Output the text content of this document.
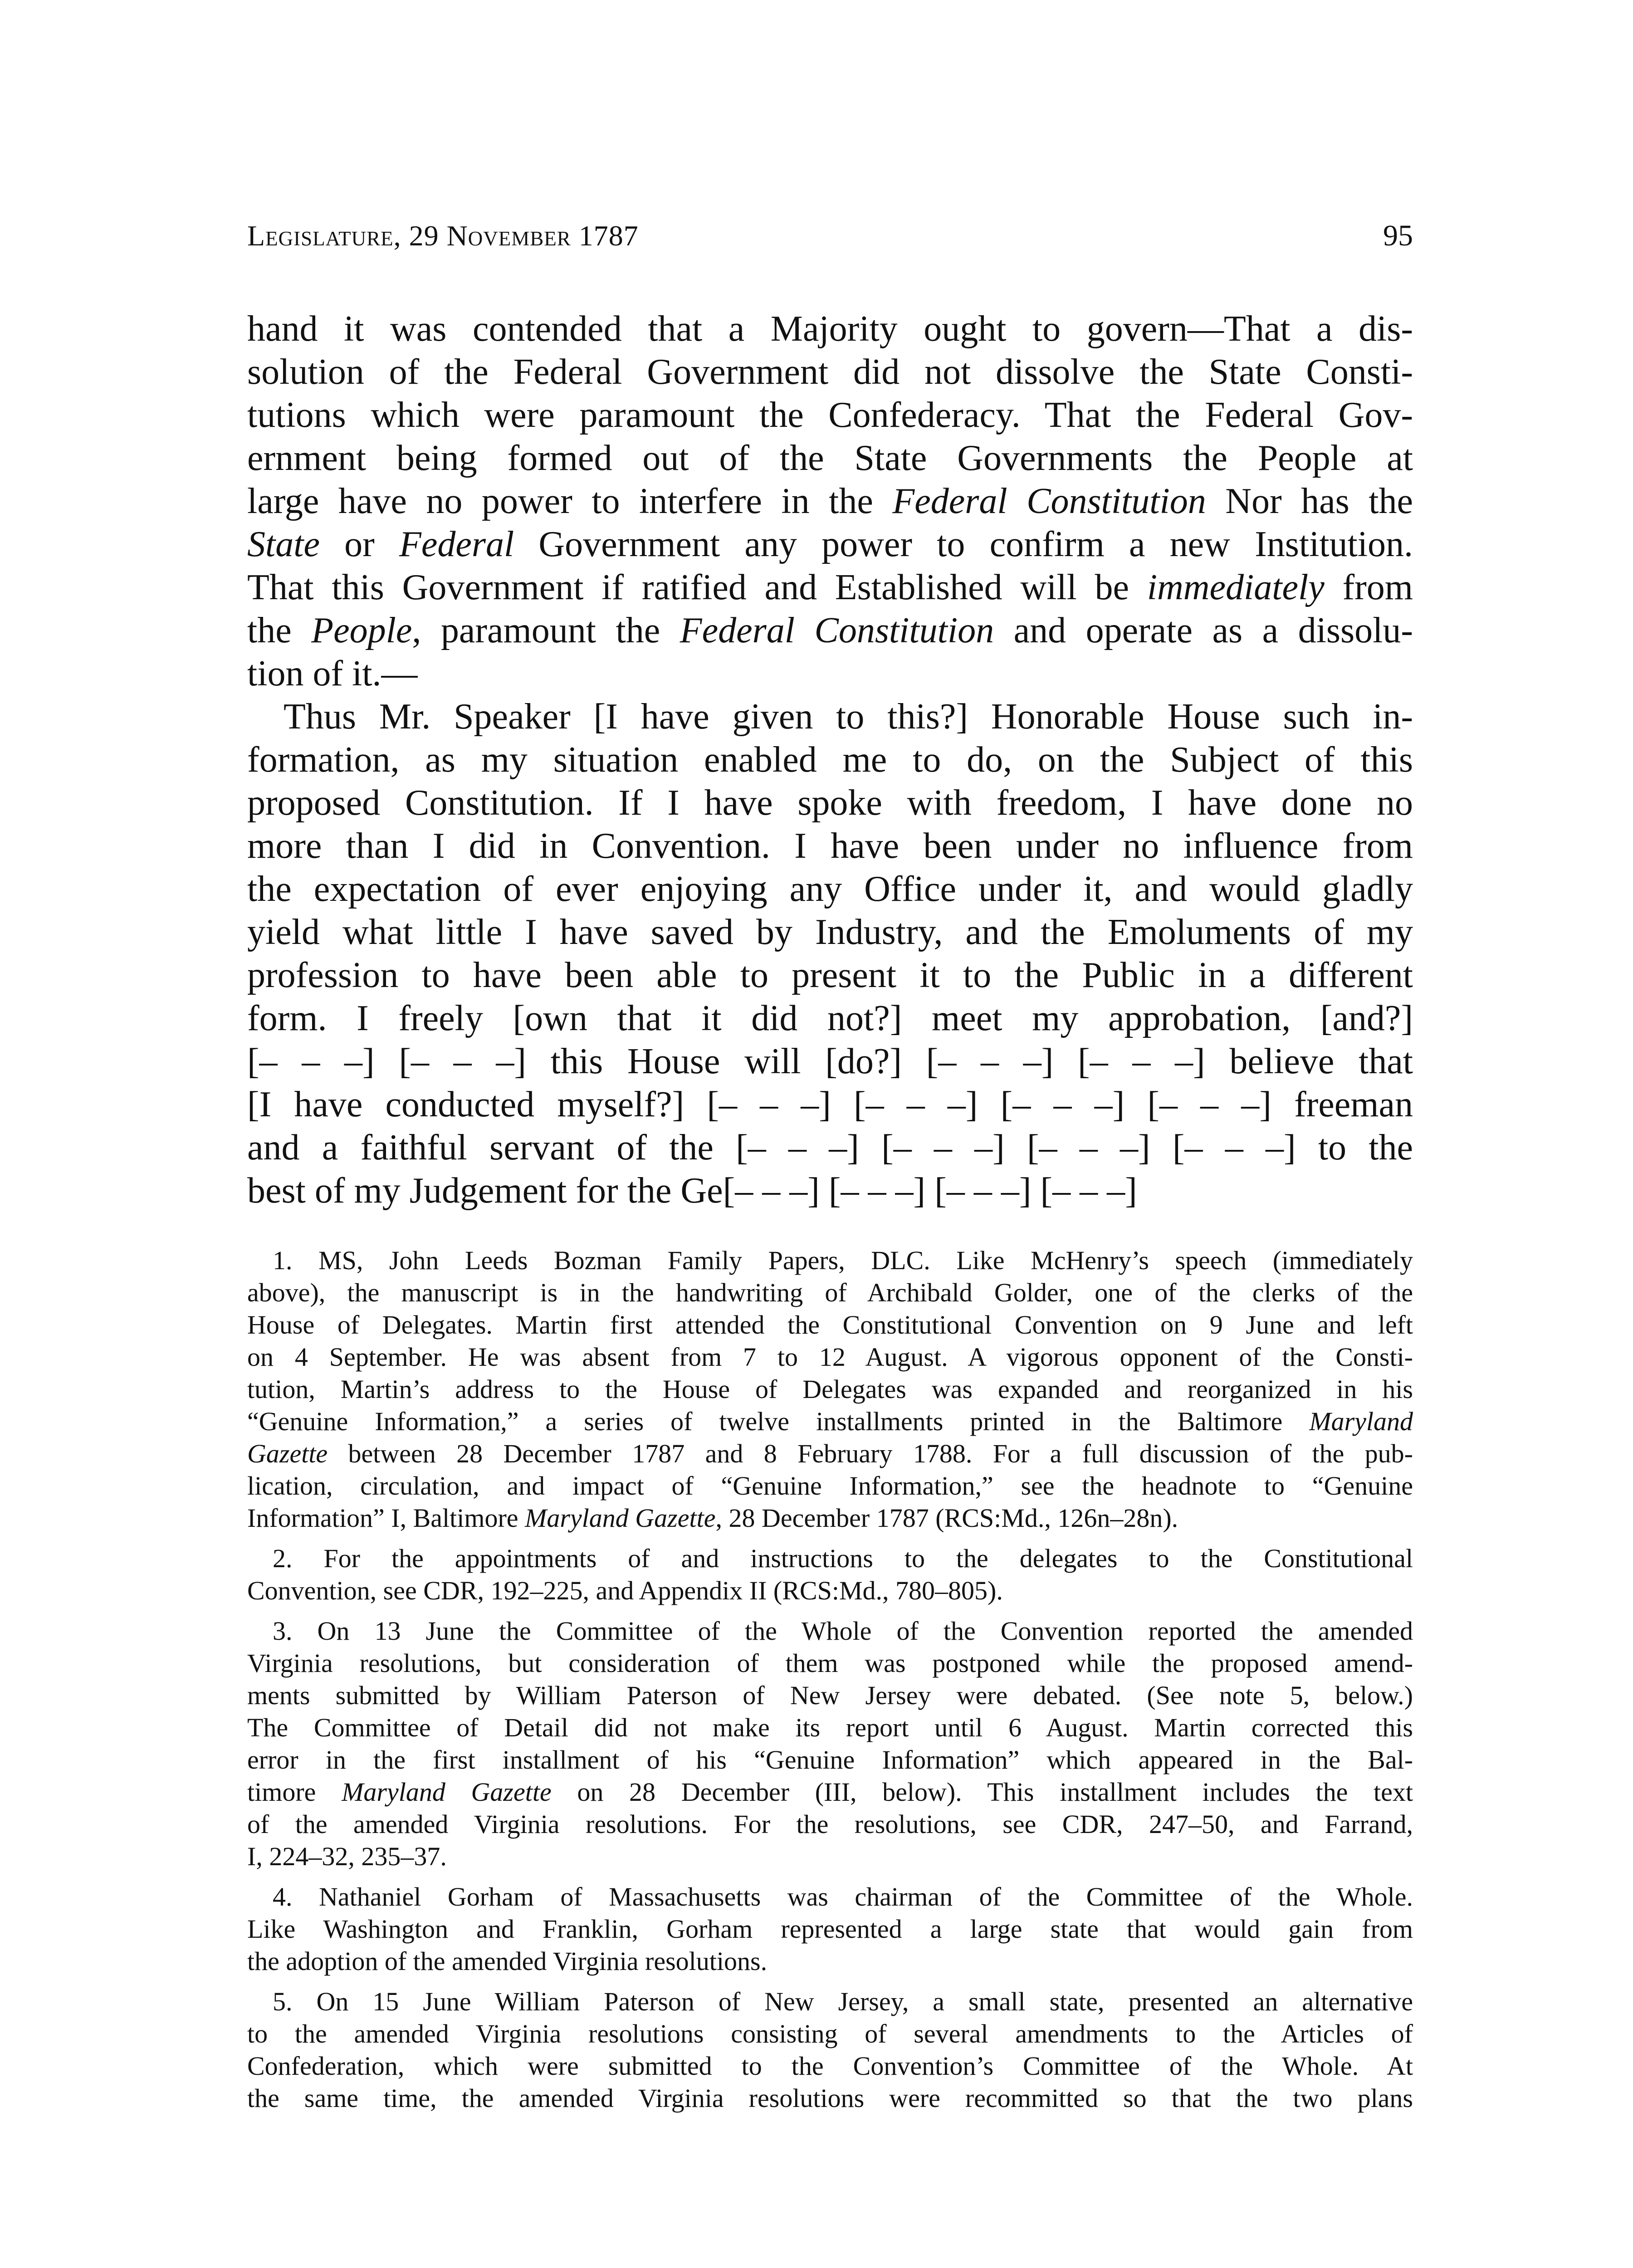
Legislature, 29 November 1787	95
hand it was contended that a Majority ought to govern—That a dis-
solution of the Federal Government did not dissolve the State Consti-
tutions which were paramount the Confederacy. That the Federal Gov-
ernment being formed out of the State Governments the People at
large have no power to interfere in the Federal Constitution Nor has the
State or Federal Government any power to confirm a new Institution.
That this Government if ratified and Established will be immediately from
the People, paramount the Federal Constitution and operate as a dissolu-
tion of it.—
Thus Mr. Speaker [I have given to this?] Honorable House such in-
formation, as my situation enabled me to do, on the Subject of this
proposed Constitution. If I have spoke with freedom, I have done no
more than I did in Convention. I have been under no influence from
the expectation of ever enjoying any Office under it, and would gladly
yield what little I have saved by Industry, and the Emoluments of my
profession to have been able to present it to the Public in a different
form. I freely [own that it did not?] meet my approbation, [and?]
[– – –] [– – –] this House will [do?] [– – –] [– – –] believe that
[I have conducted myself?] [– – –] [– – –] [– – –] [– – –] freeman
and a faithful servant of the [– – –] [– – –] [– – –] [– – –] to the
best of my Judgement for the Ge[– – –] [– – –] [– – –] [– – –]
1. MS, John Leeds Bozman Family Papers, DLC. Like McHenry’s speech (immediately
above), the manuscript is in the handwriting of Archibald Golder, one of the clerks of the
House of Delegates. Martin first attended the Constitutional Convention on 9 June and left
on 4 September. He was absent from 7 to 12 August. A vigorous opponent of the Consti-
tution, Martin’s address to the House of Delegates was expanded and reorganized in his
“Genuine Information,” a series of twelve installments printed in the Baltimore Maryland
Gazette between 28 December 1787 and 8 February 1788. For a full discussion of the pub-
lication, circulation, and impact of “Genuine Information,” see the headnote to “Genuine
Information” I, Baltimore Maryland Gazette, 28 December 1787 (RCS:Md., 126n–28n).
2. For the appointments of and instructions to the delegates to the Constitutional
Convention, see CDR, 192–225, and Appendix II (RCS:Md., 780–805).
3. On 13 June the Committee of the Whole of the Convention reported the amended
Virginia resolutions, but consideration of them was postponed while the proposed amend-
ments submitted by William Paterson of New Jersey were debated. (See note 5, below.)
The Committee of Detail did not make its report until 6 August. Martin corrected this
error in the first installment of his “Genuine Information” which appeared in the Bal-
timore Maryland Gazette on 28 December (III, below). This installment includes the text
of the amended Virginia resolutions. For the resolutions, see CDR, 247–50, and Farrand,
I, 224–32, 235–37.
4. Nathaniel Gorham of Massachusetts was chairman of the Committee of the Whole.
Like Washington and Franklin, Gorham represented a large state that would gain from
the adoption of the amended Virginia resolutions.
5. On 15 June William Paterson of New Jersey, a small state, presented an alternative
to the amended Virginia resolutions consisting of several amendments to the Articles of
Confederation, which were submitted to the Convention’s Committee of the Whole. At
the same time, the amended Virginia resolutions were recommitted so that the two plans
